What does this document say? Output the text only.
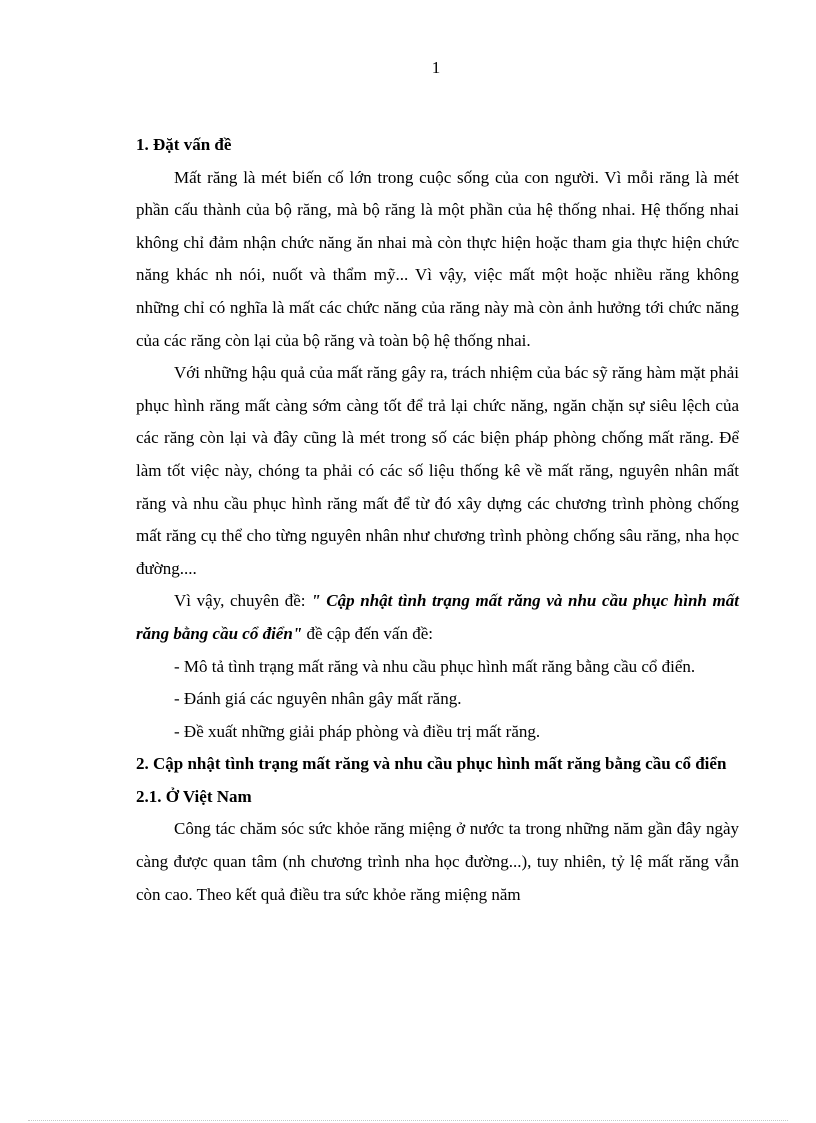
1

1. Đặt vấn đề

Mất răng là mét biến cố lớn trong cuộc sống của con người. Vì mỗi răng là mét phần cấu thành của bộ răng, mà bộ răng là một phần của hệ thống nhai. Hệ thống nhai không chỉ đảm nhận chức năng ăn nhai mà còn thực hiện hoặc tham gia thực hiện chức năng khác nh nói, nuốt và thẩm mỹ... Vì vậy, việc mất một hoặc nhiều răng không những chỉ có nghĩa là mất các chức năng của răng này mà còn ảnh hưởng tới chức năng của các răng còn lại của bộ răng và toàn bộ hệ thống nhai.

Với những hậu quả của mất răng gây ra, trách nhiệm của bác sỹ răng hàm mặt phải phục hình răng mất càng sớm càng tốt để trả lại chức năng, ngăn chặn sự siêu lệch của các răng còn lại và đây cũng là mét trong số các biện pháp phòng chống mất răng. Để làm tốt việc này, chóng ta phải có các số liệu thống kê về mất răng, nguyên nhân mất răng và nhu cầu phục hình răng mất để từ đó xây dựng các chương trình phòng chống mất răng cụ thể cho từng nguyên nhân như chương trình phòng chống sâu răng, nha học đường....

Vì vậy, chuyên đề: " Cập nhật tình trạng mất răng và nhu cầu phục hình mất răng bằng cầu cổ điển" đề cập đến vấn đề:

- Mô tả tình trạng mất răng và nhu cầu phục hình mất răng bằng cầu cổ điển.

- Đánh giá các nguyên nhân gây mất răng.

- Đề xuất những giải pháp phòng và điều trị mất răng.

2. Cập nhật tình trạng mất răng và nhu cầu phục hình mất răng bằng cầu cổ điển

2.1. Ở Việt Nam

Công tác chăm sóc sức khỏe răng miệng ở nước ta trong những năm gần đây ngày càng được quan tâm (nh chương trình nha học đường...), tuy nhiên, tỷ lệ mất răng vẫn còn cao. Theo kết quả điều tra sức khỏe răng miệng năm
